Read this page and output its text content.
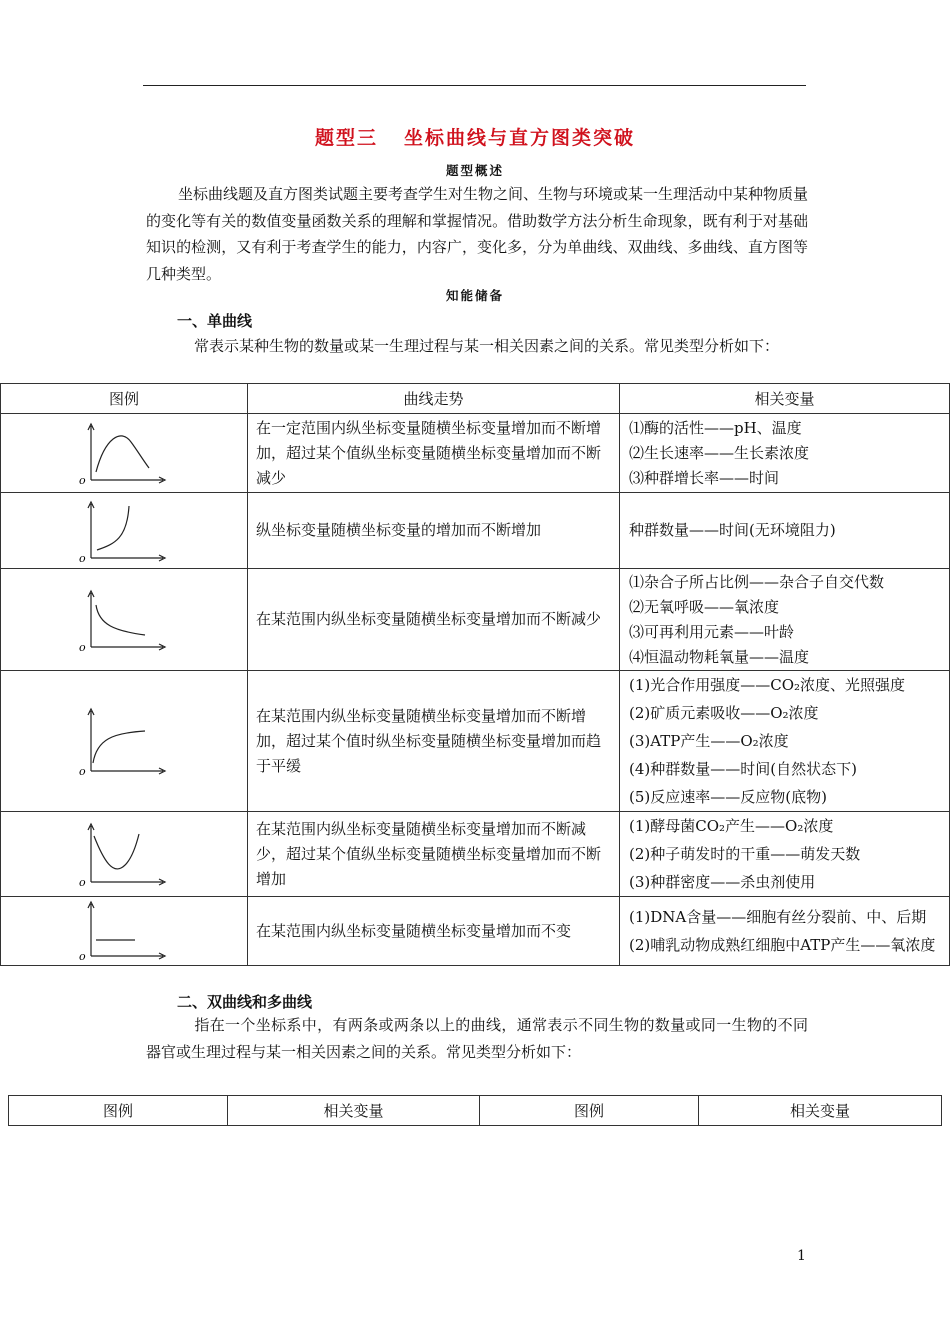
题型三 坐标曲线与直方图类突破
题型概述
坐标曲线题及直方图类试题主要考查学生对生物之间、生物与环境或某一生理活动中某种物质量的变化等有关的数值变量函数关系的理解和掌握情况。借助数学方法分析生命现象，既有利于对基础知识的检测，又有利于考查学生的能力，内容广，变化多，分为单曲线、双曲线、多曲线、直方图等几种类型。
知能储备
一、单曲线
常表示某种生物的数量或某一生理过程与某一相关因素之间的关系。常见类型分析如下：
图例	曲线走势	相关变量

o	在一定范围内纵坐标变量随横坐标变量增加而不断增加，超过某个值纵坐标变量随横坐标变量增加而不断减少	⑴酶的活性——pH、温度
⑵生长速率——生长素浓度
⑶种群增长率——时间

o	纵坐标变量随横坐标变量的增加而不断增加	种群数量——时间(无环境阻力)

o	在某范围内纵坐标变量随横坐标变量增加而不断减少	⑴杂合子所占比例——杂合子自交代数
⑵无氧呼吸——氧浓度
⑶可再利用元素——叶龄
⑷恒温动物耗氧量——温度

o	在某范围内纵坐标变量随横坐标变量增加而不断增加，超过某个值时纵坐标变量随横坐标变量增加而趋于平缓	(1)光合作用强度——CO₂浓度、光照强度
(2)矿质元素吸收——O₂浓度
(3)ATP产生——O₂浓度
(4)种群数量——时间(自然状态下)
(5)反应速率——反应物(底物)

o	在某范围内纵坐标变量随横坐标变量增加而不断减少，超过某个值纵坐标变量随横坐标变量增加而不断增加	(1)酵母菌CO₂产生——O₂浓度
(2)种子萌发时的干重——萌发天数
(3)种群密度——杀虫剂使用

o	在某范围内纵坐标变量随横坐标变量增加而不变	(1)DNA含量——细胞有丝分裂前、中、后期
(2)哺乳动物成熟红细胞中ATP产生——氧浓度
二、双曲线和多曲线
指在一个坐标系中，有两条或两条以上的曲线，通常表示不同生物的数量或同一生物的不同器官或生理过程与某一相关因素之间的关系。常见类型分析如下：
图例	相关变量	图例	相关变量
1
